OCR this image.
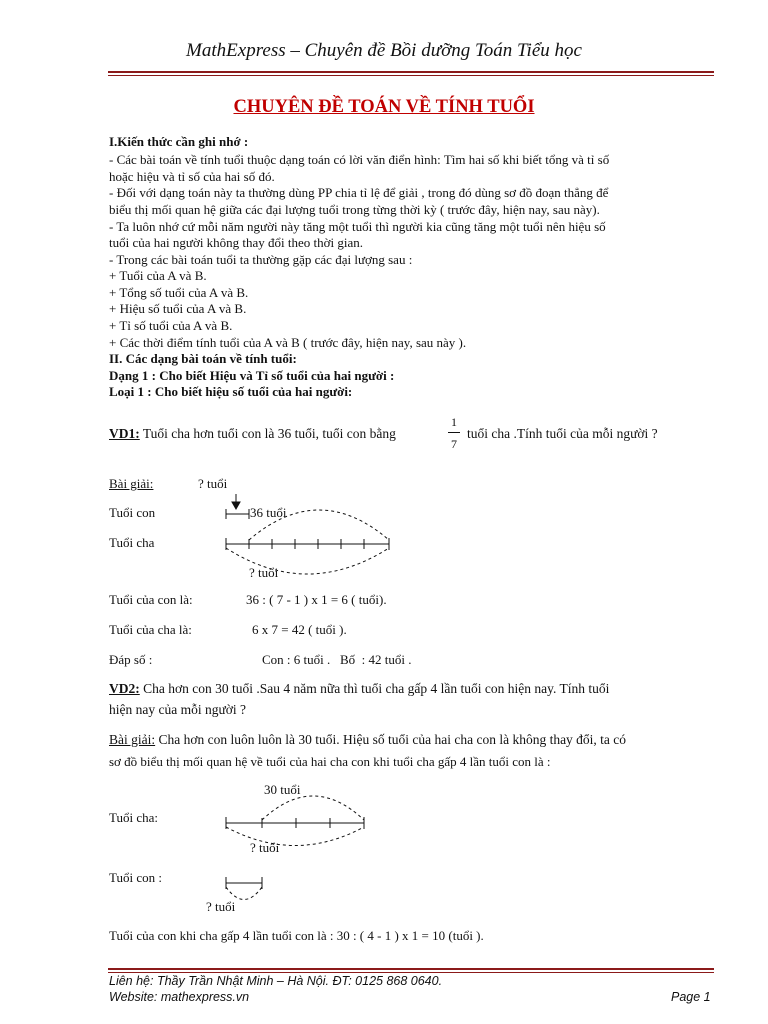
MathExpress – Chuyên đề Bồi dưỡng Toán Tiểu học
CHUYÊN ĐỀ TOÁN VỀ TÍNH TUỔI
I.Kiến thức cần ghi nhớ :
- Các bài toán về tính tuổi thuộc dạng toán có lời văn điển hình: Tìm hai số khi biết tổng và tỉ số
hoặc hiệu và tỉ số của hai số đó.
- Đối với dạng toán này ta thường dùng PP chia tỉ lệ để giải , trong đó dùng sơ đồ đoạn thẳng để
biểu thị mối quan hệ giữa các đại lượng tuổi trong từng thời kỳ ( trước đây, hiện nay, sau này).
- Ta luôn nhớ cứ mỗi năm người này tăng một tuổi thì người kia cũng tăng một tuổi nên hiệu số
tuổi của hai người không thay đổi theo thời gian.
- Trong các bài toán tuổi ta thường gặp các đại lượng sau :
+ Tuổi của A và B.
+ Tổng số tuổi của A và B.
+ Hiệu số tuổi của A và B.
+ Tỉ số tuổi của A và B.
+ Các thời điểm tính tuổi của A và B ( trước đây, hiện nay, sau này ).
II. Các dạng bài toán về tính tuổi:
Dạng 1 : Cho biết Hiệu và Tỉ số tuổi của hai người :
Loại 1 : Cho biết hiệu số tuổi của hai người:
VD1: Tuổi cha hơn tuổi con là 36 tuổi, tuổi con bằng
1
7
tuổi cha .Tính tuổi của mỗi người ?
Bài giải:	? tuổi
Tuổi con	36 tuổi
Tuổi cha
? tuổi
Tuổi của con là:	36 : ( 7 - 1 ) x 1 = 6 ( tuổi).
Tuổi của cha là:	6 x 7 = 42 ( tuổi ).
Đáp số :	Con : 6 tuổi .   Bố  : 42 tuổi .
VD2: Cha hơn con 30 tuổi .Sau 4 năm nữa thì tuổi cha gấp 4 lần tuổi con hiện nay. Tính tuổi
hiện nay của mỗi người ?
Bài giải: Cha hơn con luôn luôn là 30 tuổi. Hiệu số tuổi của hai cha con là không thay đổi, ta có
sơ đồ biểu thị mối quan hệ về tuổi của hai cha con khi tuổi cha gấp 4 lần tuổi con là :
30 tuổi
Tuổi cha:
? tuổi
Tuổi con :
? tuổi
Tuổi của con khi cha gấp 4 lần tuổi con là : 30 : ( 4 - 1 ) x 1 = 10 (tuổi ).
Liên hệ: Thầy Trần Nhật Minh – Hà Nội. ĐT: 0125 868 0640.
Website: mathexpress.vn	Page 1
